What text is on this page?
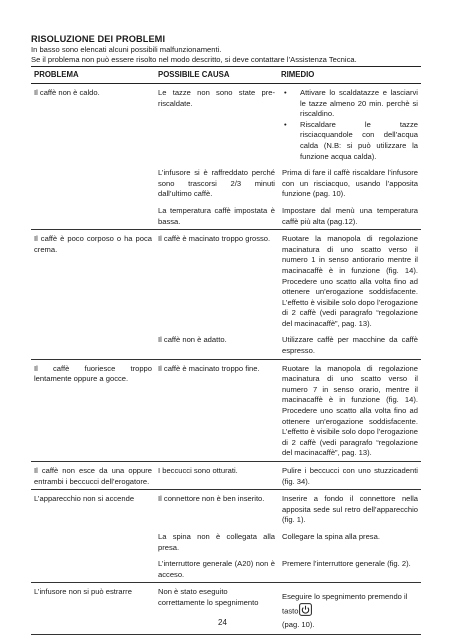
RISOLUZIONE DEI PROBLEMI
In basso sono elencati alcuni possibili malfunzionamenti.
Se il problema non può essere risolto nel modo descritto, si deve contattare l’Assistenza Tecnica.
PROBLEMA	POSSIBILE CAUSA	RIMEDIO
Il caffè non è caldo.	Le tazze non sono state pre-riscaldate.	• Attivare lo scaldatazze e lasciarvi le tazze almeno 20 min. perchè si riscaldino.
• Riscaldare le tazze risciacquandole con dell’acqua calda (N.B: si può utilizzare la funzione acqua calda).

	L’infusore si è raffreddato perché sono trascorsi 2/3 minuti dall’ultimo caffè.	Prima di fare il caffè riscaldare l’infusore con un risciacquo, usando l’apposita funzione (pag. 10).
	La temperatura caffè impostata è bassa.	Impostare dal menù una temperatura caffè più alta (pag.12).
Il caffè è poco corposo o ha poca crema.	Il caffè è macinato troppo grosso.	Ruotare la manopola di regolazione macinatura di uno scatto verso il numero 1 in senso antiorario mentre il macinacaffè è in funzione (fig. 14). Procedere uno scatto alla volta fino ad ottenere un’erogazione soddisfacente. L’effetto è visibile solo dopo l’erogazione di 2 caffè (vedi paragrafo “regolazione del macinacaffè”, pag. 13).
	Il caffè non è adatto.	Utilizzare caffè per macchine da caffè espresso.
Il caffè fuoriesce troppo lentamente oppure a gocce.	Il caffè è macinato troppo fine.	Ruotare la manopola di regolazione macinatura di uno scatto verso il numero 7 in senso orario, mentre il macinacaffè è in funzione (fig. 14). Procedere uno scatto alla volta fino ad ottenere un’erogazione soddisfacente. L’effetto è visibile solo dopo l’erogazione di 2 caffè (vedi paragrafo “regolazione del macinacaffè”, pag. 13).
Il caffè non esce da una oppure entrambi i beccucci dell’erogatore.	I beccucci sono otturati.	Pulire i beccucci con uno stuzzicadenti (fig. 34).
L’apparecchio non si accende	Il connettore non è ben inserito.	Inserire a fondo il connettore nella apposita sede sul retro dell’apparecchio (fig. 1).
	La spina non è collegata alla presa.	Collegare la spina alla presa.
	L’interruttore generale (A20) non è acceso.	Premere l’interruttore generale (fig. 2).
L’infusore non si può estrarre	Non è stato eseguito correttamente lo spegnimento	Eseguire lo spegnimento premendo il tasto
(pag. 10).
24
